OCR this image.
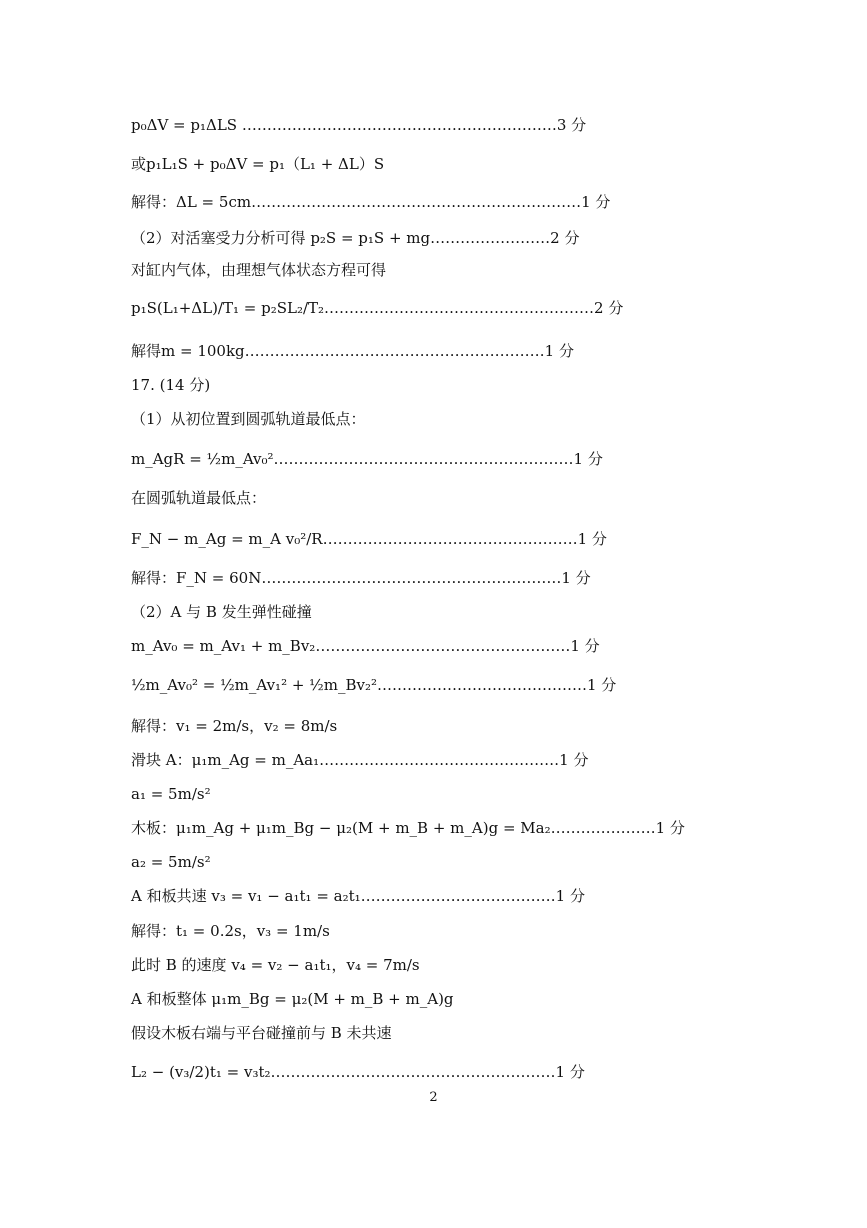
p₀ΔV = p₁ΔLS ………………………………………………………3 分
或p₁L₁S + p₀ΔV = p₁（L₁ + ΔL）S
解得：ΔL = 5cm…………………………………………………………1 分
（2）对活塞受力分析可得 p₂S = p₁S + mg……………………2 分
对缸内气体，由理想气体状态方程可得
p₁S(L₁+ΔL)/T₁ = p₂SL₂/T₂………………………………………………2 分
解得m = 100kg……………………………………………………1 分
17. (14 分)
（1）从初位置到圆弧轨道最低点：
m_AgR = ½m_Av₀²……………………………………………………1 分
在圆弧轨道最低点：
F_N − m_Ag = m_A v₀²/R……………………………………………1 分
解得：F_N = 60N……………………………………………………1 分
（2）A 与 B 发生弹性碰撞
m_Av₀ = m_Av₁ + m_Bv₂……………………………………………1 分
½m_Av₀² = ½m_Av₁² + ½m_Bv₂²……………………………………1 分
解得：v₁ = 2m/s，v₂ = 8m/s
滑块 A：μ₁m_Ag = m_Aa₁…………………………………………1 分
a₁ = 5m/s²
木板：μ₁m_Ag + μ₁m_Bg − μ₂(M + m_B + m_A)g = Ma₂…………………1 分
a₂ = 5m/s²
A 和板共速 v₃ = v₁ − a₁t₁ = a₂t₁…………………………………1 分
解得：t₁ = 0.2s，v₃ = 1m/s
此时 B 的速度 v₄ = v₂ − a₁t₁，v₄ = 7m/s
A 和板整体 μ₁m_Bg = μ₂(M + m_B + m_A)g
假设木板右端与平台碰撞前与 B 未共速
L₂ − (v₃/2)t₁ = v₃t₂…………………………………………………1 分
2
